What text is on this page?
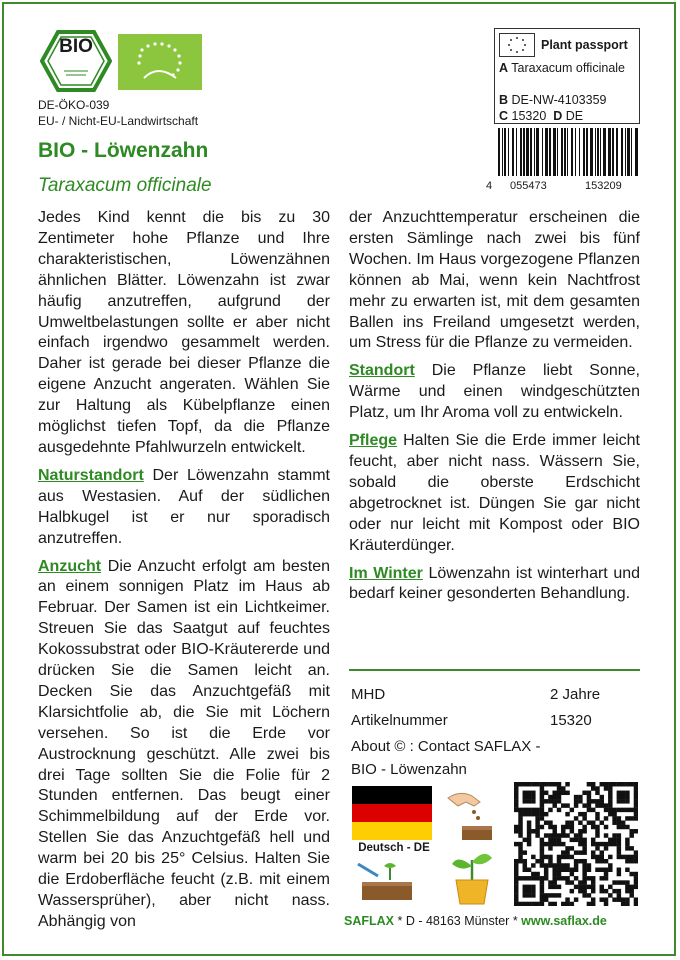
BIO
DE-ÖKO-039
EU- / Nicht-EU-Landwirtschaft
BIO - Löwenzahn
Taraxacum officinale
Plant passport
A Taraxacum officinale
B DE-NW-4103359
C 15320 D DE
4 055473	153209

Jedes Kind kennt die bis zu 30 Zentimeter hohe Pflanze und Ihre charakteristischen, Löwenzähnen ähnlichen Blätter. Löwenzahn ist zwar häufig anzutreffen, aufgrund der Umweltbelastungen sollte er aber nicht einfach irgendwo gesammelt werden. Daher ist gerade bei dieser Pflanze die eigene Anzucht angeraten. Wählen Sie zur Haltung als Kübelpflanze einen möglichst tiefen Topf, da die Pflanze ausgedehnte Pfahlwurzeln entwickelt.

Naturstandort Der Löwenzahn stammt aus Westasien. Auf der südlichen Halbkugel ist er nur sporadisch anzutreffen.

Anzucht Die Anzucht erfolgt am besten an einem sonnigen Platz im Haus ab Februar. Der Samen ist ein Lichtkeimer. Streuen Sie das Saatgut auf feuchtes Kokossubstrat oder BIO-Kräutererde und drücken Sie die Samen leicht an. Decken Sie das Anzuchtgefäß mit Klarsichtfolie ab, die Sie mit Löchern versehen. So ist die Erde vor Austrocknung geschützt. Alle zwei bis drei Tage sollten Sie die Folie für 2 Stunden entfernen. Das beugt einer Schimmelbildung auf der Erde vor. Stellen Sie das Anzuchtgefäß hell und warm bei 20 bis 25° Celsius. Halten Sie die Erdoberfläche feucht (z.B. mit einem Wassersprüher), aber nicht nass. Abhängig von

der Anzuchttemperatur erscheinen die ersten Sämlinge nach zwei bis fünf Wochen. Im Haus vorgezogene Pflanzen können ab Mai, wenn kein Nachtfrost mehr zu erwarten ist, mit dem gesamten Ballen ins Freiland umgesetzt werden, um Stress für die Pflanze zu vermeiden.

Standort Die Pflanze liebt Sonne, Wärme und einen windgeschützten Platz, um Ihr Aroma voll zu entwickeln.

Pflege Halten Sie die Erde immer leicht feucht, aber nicht nass. Wässern Sie, sobald die oberste Erdschicht abgetrocknet ist. Düngen Sie gar nicht oder nur leicht mit Kompost oder BIO Kräuterdünger.

Im Winter Löwenzahn ist winterhart und bedarf keiner gesonderten Behandlung.

MHD	2 Jahre
Artikelnummer	15320
About © : Contact SAFLAX -
BIO - Löwenzahn
Deutsch - DE
SAFLAX * D - 48163 Münster * www.saflax.de
